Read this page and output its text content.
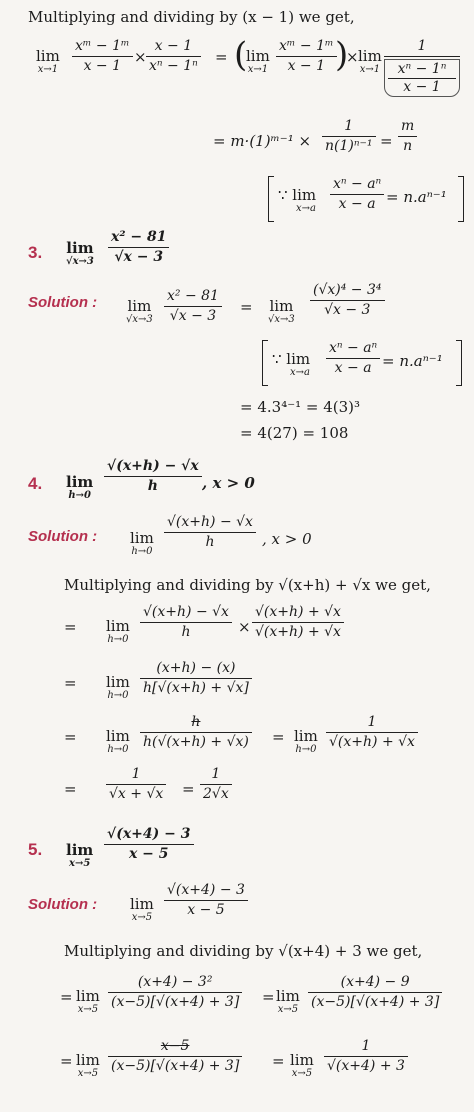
Multiplying and dividing by (x − 1) we get,
lim
$x\to 1 \frac{\text{xᵐ − 1ᵐ}}{x - 1} \times \frac{x - 1}{\text{xⁿ − 1ⁿ}}$ = (
lim
$x\to 1 \frac{\text{xᵐ − 1ᵐ}}{x - 1}$
)
× lim
x→1 1
xⁿ − 1ⁿ
x − 1
= m·(1)ᵐ⁻¹ × $\frac{1}{\text{n(1)ⁿ⁻¹}} = \frac{m}{n}$
∵ lim
$x\to a \frac{\text{xⁿ − aⁿ}}{x - a} = n.a^{n-1}$
3. lim
$√x\to 3 \frac{\text{x² − 81}}{√x - 3}$
Solution : lim
$√x\to 3 \frac{\text{x² − 81}}{√x - 3} = \lim$
√x→3
$\frac{\text{(√x)⁴ − 3⁴}}{√x - 3}$
∵ lim
$x\to a \frac{\text{xⁿ − aⁿ}}{x - a} = n.a^{n-1}$
= 4.3⁴⁻¹ = 4(3)³
= 4(27) = 108
4. lim
h→0
$\frac{√(x+h) - √x}{h}$ , x > 0
Solution : lim
h→0
$\frac{√(x+h) - √x}{h}$ , x > 0
Multiplying and dividing by √(x+h) + √x we get,
= lim
$h\to 0 \frac{√(x+h) - √x}{h} \times \frac{√(x+h) + √x}{√(x+h) + √x}$
= lim
$h\to 0 \frac{(x+h) - (x)}{h[√(x+h) + √x]}$
= lim
$h\to 0 \frac{h}{h(√(x+h) + √x)} = \lim$
$h\to 0 \frac{1}{√(x+h) + √x}$
= $\frac{1}{√x + √x} = \frac{1}{2√x}$
5. lim
x→5
$\frac{√(x+4) - 3}{x - 5}$
Solution : lim
$x\to 5 \frac{√(x+4) - 3}{x - 5}$
Multiplying and dividing by √(x+4) + 3 we get,
= lim
$x\to 5 \frac{\text{(x+4) − 3²}}{(x-5)[√(x+4) + 3]} = \lim$
$x\to 5 \frac{(x+4) - 9}{(x-5)[√(x+4) + 3]}$
= lim
$x\to 5 \frac{x-5}{(x-5)[√(x+4) + 3]} = \lim$
$x\to 5 \frac{1}{√(x+4) + 3}$
